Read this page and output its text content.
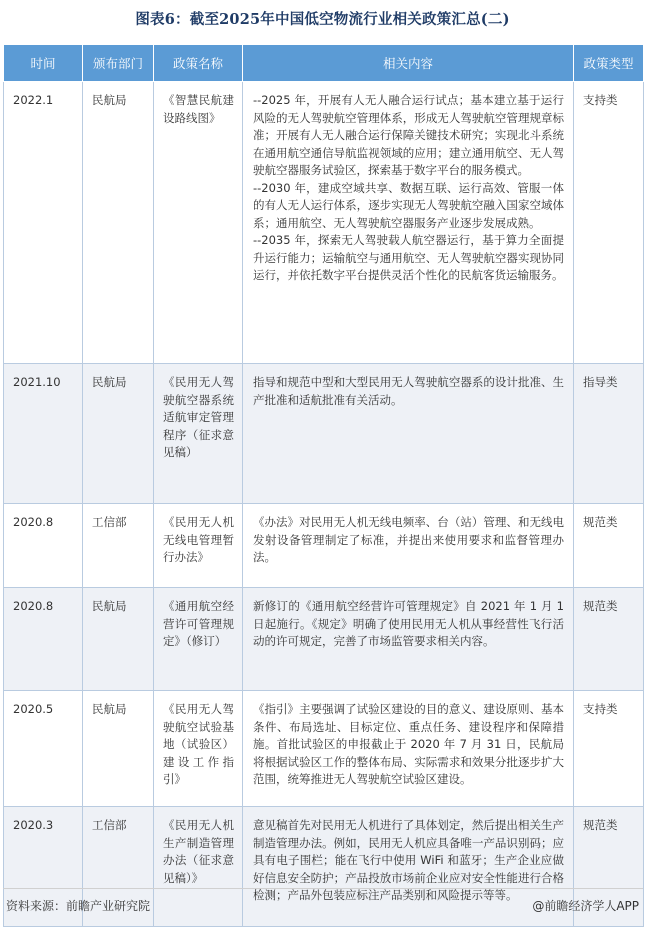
图表6：截至2025年中国低空物流行业相关政策汇总(二)
时间	颁布部门	政策名称	相关内容	政策类型
2022.1	民航局	《智慧民航建设路线图》	--2025 年，开展有人无人融合运行试点；基本建立基于运行风险的无人驾驶航空管理体系，形成无人驾驶航空管理规章标准；开展有人无人融合运行保障关键技术研究；实现北斗系统在通用航空通信导航监视领域的应用；建立通用航空、无人驾驶航空器服务试验区，探索基于数字平台的服务模式。
--2030 年，建成空域共享、数据互联、运行高效、管服一体的有人无人运行体系，逐步实现无人驾驶航空融入国家空域体系；通用航空、无人驾驶航空器服务产业逐步发展成熟。
--2035 年，探索无人驾驶载人航空器运行，基于算力全面提升运行能力；运输航空与通用航空、无人驾驶航空器实现协同运行，并依托数字平台提供灵活个性化的民航客货运输服务。	支持类
2021.10	民航局	《民用无人驾驶航空器系统适航审定管理程序（征求意见稿）	指导和规范中型和大型民用无人驾驶航空器系的设计批准、生产批准和适航批准有关活动。	指导类
2020.8	工信部	《民用无人机无线电管理暂行办法》	《办法》对民用无人机无线电频率、台（站）管理、和无线电发射设备管理制定了标准，并提出来使用要求和监督管理办法。	规范类
2020.8	民航局	《通用航空经营许可管理规定》（修订）	新修订的《通用航空经营许可管理规定》自 2021 年 1 月 1 日起施行。《规定》明确了使用民用无人机从事经营性飞行活动的许可规定，完善了市场监管要求相关内容。	规范类
2020.5	民航局	《民用无人驾驶航空试验基地（试验区）建设工作指引》	《指引》主要强调了试验区建设的目的意义、建设原则、基本条件、布局选址、目标定位、重点任务、建设程序和保障措施。首批试验区的申报截止于 2020 年 7 月 31 日，民航局将根据试验区工作的整体布局、实际需求和效果分批逐步扩大范围，统筹推进无人驾驶航空试验区建设。	支持类
2020.3	工信部	《民用无人机生产制造管理办法（征求意见稿）》	意见稿首先对民用无人机进行了具体划定，然后提出相关生产制造管理办法。例如，民用无人机应具备唯一产品识别码；应具有电子围栏；能在飞行中使用 WiFi 和蓝牙；生产企业应做好信息安全防护；产品投放市场前企业应对安全性能进行合格检测；产品外包装应标注产品类别和风险提示等等。	规范类
资料来源：前瞻产业研究院	@前瞻经济学人APP
